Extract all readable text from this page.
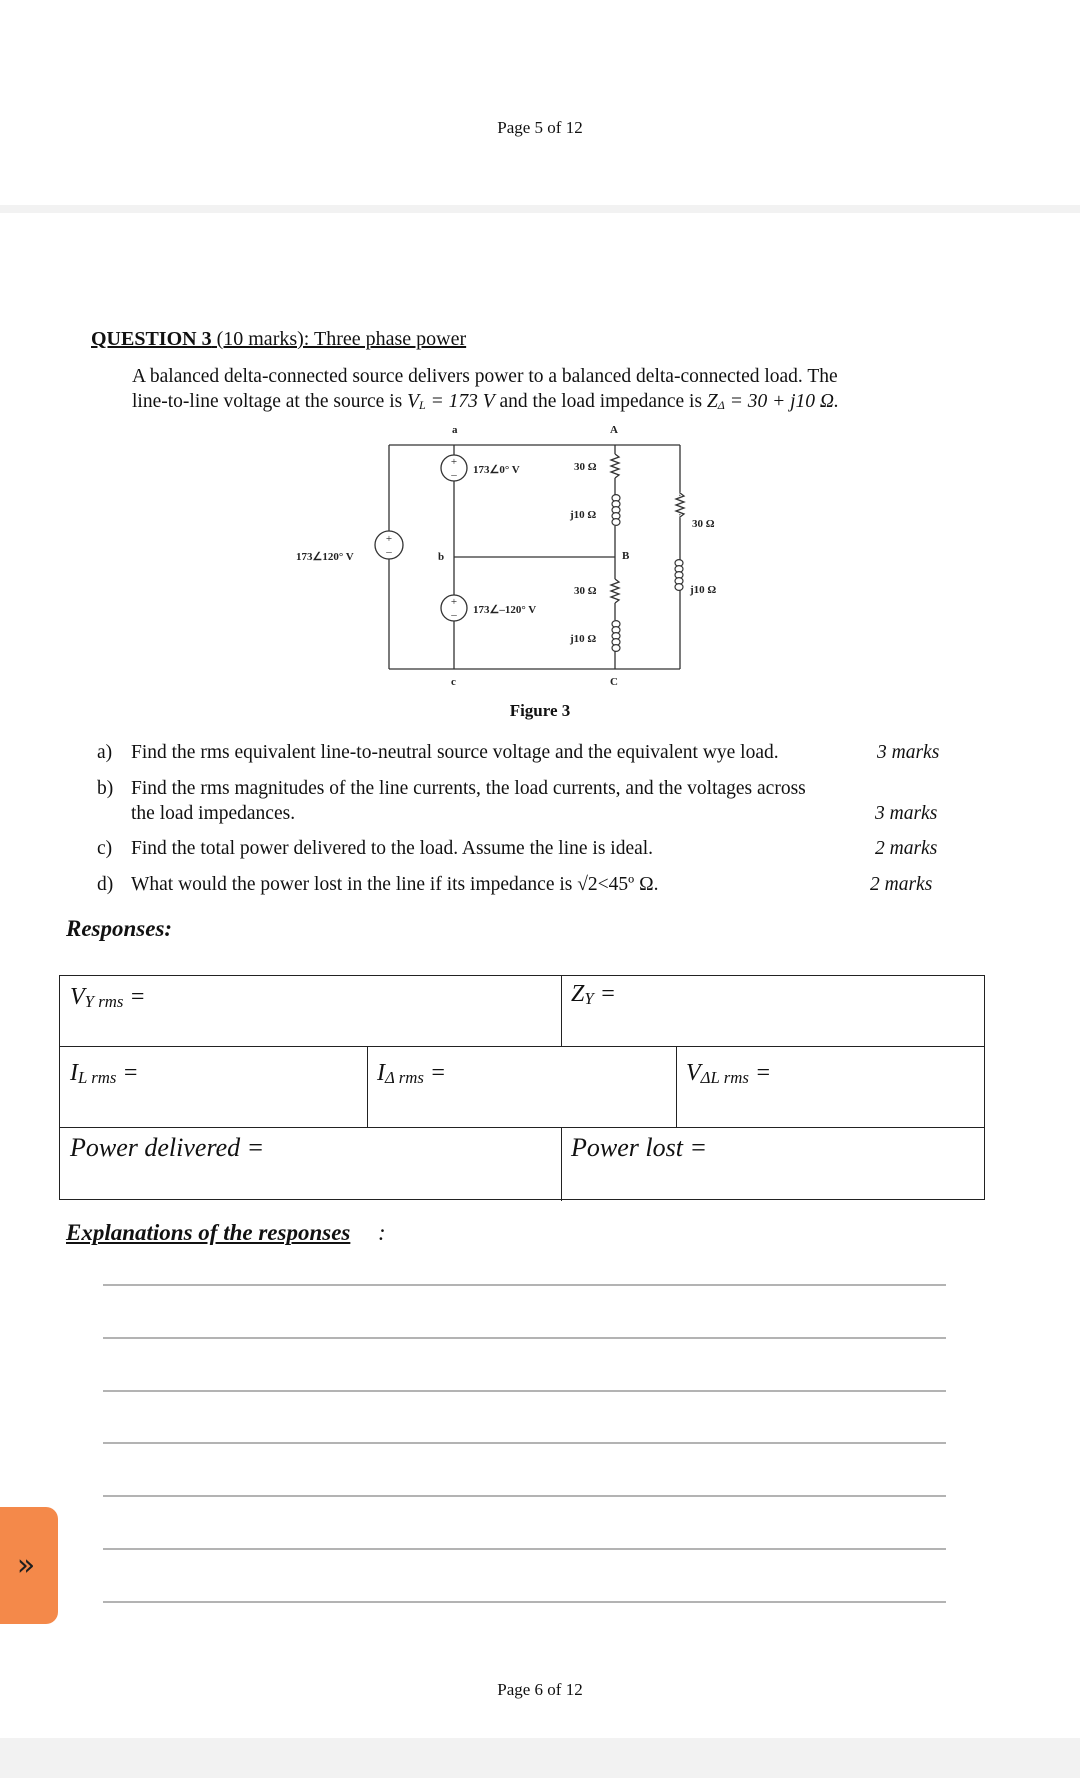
Page 5 of 12
QUESTION 3 (10 marks): Three phase power
A balanced delta-connected source delivers power to a balanced delta-connected load. The
line-to-line voltage at the source is $V_L = 173$ V and the load impedance is $Z_\Delta = 30 + j10$ Ω.
+
–
+
–
+
–
a
b
c
A
B
C
173∠0° V
173∠120° V
173∠–120° V
30 Ω
j10 Ω
30 Ω
j10 Ω
30 Ω
j10 Ω
Figure 3
a) Find the rms equivalent line-to-neutral source voltage and the equivalent wye load.	3 marks
b) Find the rms magnitudes of the line currents, the load currents, and the voltages across the load impedances.	3 marks
c) Find the total power delivered to the load. Assume the line is ideal.	2 marks
d) What would the power lost in the line if its impedance is √2<45º Ω.	2 marks
Responses:
$V_{Y rms}$ =	$Z_Y$ =
$I_{L rms}$ =	$I_{\Delta rms}$ =	$V_{\Delta L rms}$ =
Power delivered =	Power lost =
Explanations of the responses :
Page 6 of 12
»
